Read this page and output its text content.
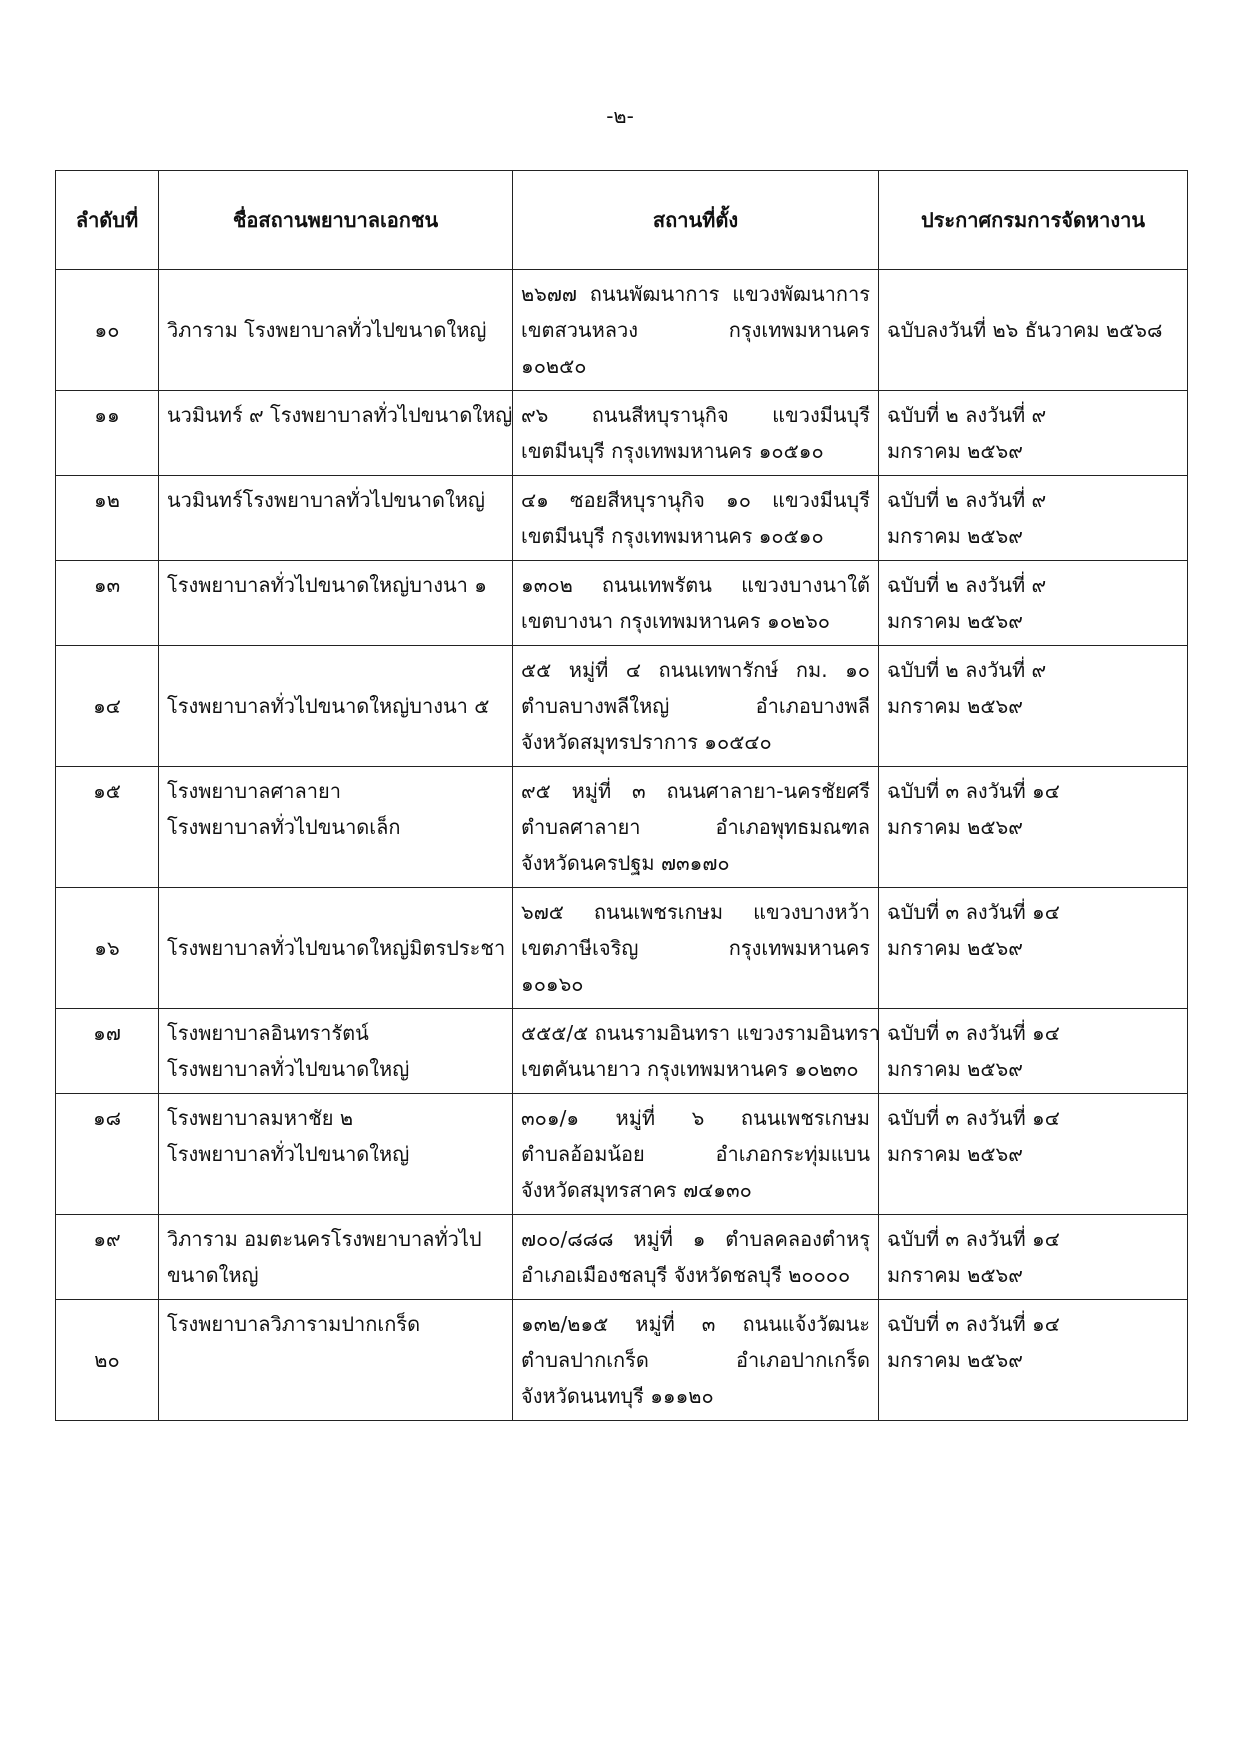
-๒-
ลำดับที่	ชื่อสถานพยาบาลเอกชน	สถานที่ตั้ง	ประกาศกรมการจัดหางาน

๑๐	วิภาราม โรงพยาบาลทั่วไปขนาดใหญ่	๒๖๗๗ ถนนพัฒนาการ แขวงพัฒนาการ
เขตสวนหลวง กรุงเทพมหานคร
๑๐๒๕๐	ฉบับลงวันที่ ๒๖ ธันวาคม ๒๕๖๘

๑๑	นวมินทร์ ๙ โรงพยาบาลทั่วไปขนาดใหญ่	๙๖ ถนนสีหบุรานุกิจ แขวงมีนบุรี
เขตมีนบุรี กรุงเทพมหานคร ๑๐๕๑๐	ฉบับที่ ๒ ลงวันที่ ๙
มกราคม ๒๕๖๙

๑๒	นวมินทร์โรงพยาบาลทั่วไปขนาดใหญ่	๔๑ ซอยสีหบุรานุกิจ ๑๐ แขวงมีนบุรี
เขตมีนบุรี กรุงเทพมหานคร ๑๐๕๑๐	ฉบับที่ ๒ ลงวันที่ ๙
มกราคม ๒๕๖๙

๑๓	โรงพยาบาลทั่วไปขนาดใหญ่บางนา ๑	๑๓๐๒ ถนนเทพรัตน แขวงบางนาใต้
เขตบางนา กรุงเทพมหานคร ๑๐๒๖๐	ฉบับที่ ๒ ลงวันที่ ๙
มกราคม ๒๕๖๙

๑๔	โรงพยาบาลทั่วไปขนาดใหญ่บางนา ๕	๕๕ หมู่ที่ ๔ ถนนเทพารักษ์ กม. ๑๐
ตำบลบางพลีใหญ่ อำเภอบางพลี
จังหวัดสมุทรปราการ ๑๐๕๔๐	ฉบับที่ ๒ ลงวันที่ ๙
มกราคม ๒๕๖๙

๑๕	โรงพยาบาลศาลายา
โรงพยาบาลทั่วไปขนาดเล็ก	๙๕ หมู่ที่ ๓ ถนนศาลายา-นครชัยศรี
ตำบลศาลายา อำเภอพุทธมณฑล
จังหวัดนครปฐม ๗๓๑๗๐	ฉบับที่ ๓ ลงวันที่ ๑๔
มกราคม ๒๕๖๙

๑๖	โรงพยาบาลทั่วไปขนาดใหญ่มิตรประชา	๖๗๕ ถนนเพชรเกษม แขวงบางหว้า
เขตภาษีเจริญ กรุงเทพมหานคร
๑๐๑๖๐	ฉบับที่ ๓ ลงวันที่ ๑๔
มกราคม ๒๕๖๙

๑๗	โรงพยาบาลอินทรารัตน์
โรงพยาบาลทั่วไปขนาดใหญ่	๕๕๕/๕ ถนนรามอินทรา แขวงรามอินทรา
เขตคันนายาว กรุงเทพมหานคร ๑๐๒๓๐	ฉบับที่ ๓ ลงวันที่ ๑๔
มกราคม ๒๕๖๙

๑๘	โรงพยาบาลมหาชัย ๒
โรงพยาบาลทั่วไปขนาดใหญ่	๓๐๑/๑ หมู่ที่ ๖ ถนนเพชรเกษม
ตำบลอ้อมน้อย อำเภอกระทุ่มแบน
จังหวัดสมุทรสาคร ๗๔๑๓๐	ฉบับที่ ๓ ลงวันที่ ๑๔
มกราคม ๒๕๖๙

๑๙	วิภาราม อมตะนครโรงพยาบาลทั่วไป
ขนาดใหญ่	๗๐๐/๘๘๘ หมู่ที่ ๑ ตำบลคลองตำหรุ
อำเภอเมืองชลบุรี จังหวัดชลบุรี ๒๐๐๐๐	ฉบับที่ ๓ ลงวันที่ ๑๔
มกราคม ๒๕๖๙

๒๐	โรงพยาบาลวิภารามปากเกร็ด	๑๓๒/๒๑๕ หมู่ที่ ๓ ถนนแจ้งวัฒนะ
ตำบลปากเกร็ด อำเภอปากเกร็ด
จังหวัดนนทบุรี ๑๑๑๒๐	ฉบับที่ ๓ ลงวันที่ ๑๔
มกราคม ๒๕๖๙
